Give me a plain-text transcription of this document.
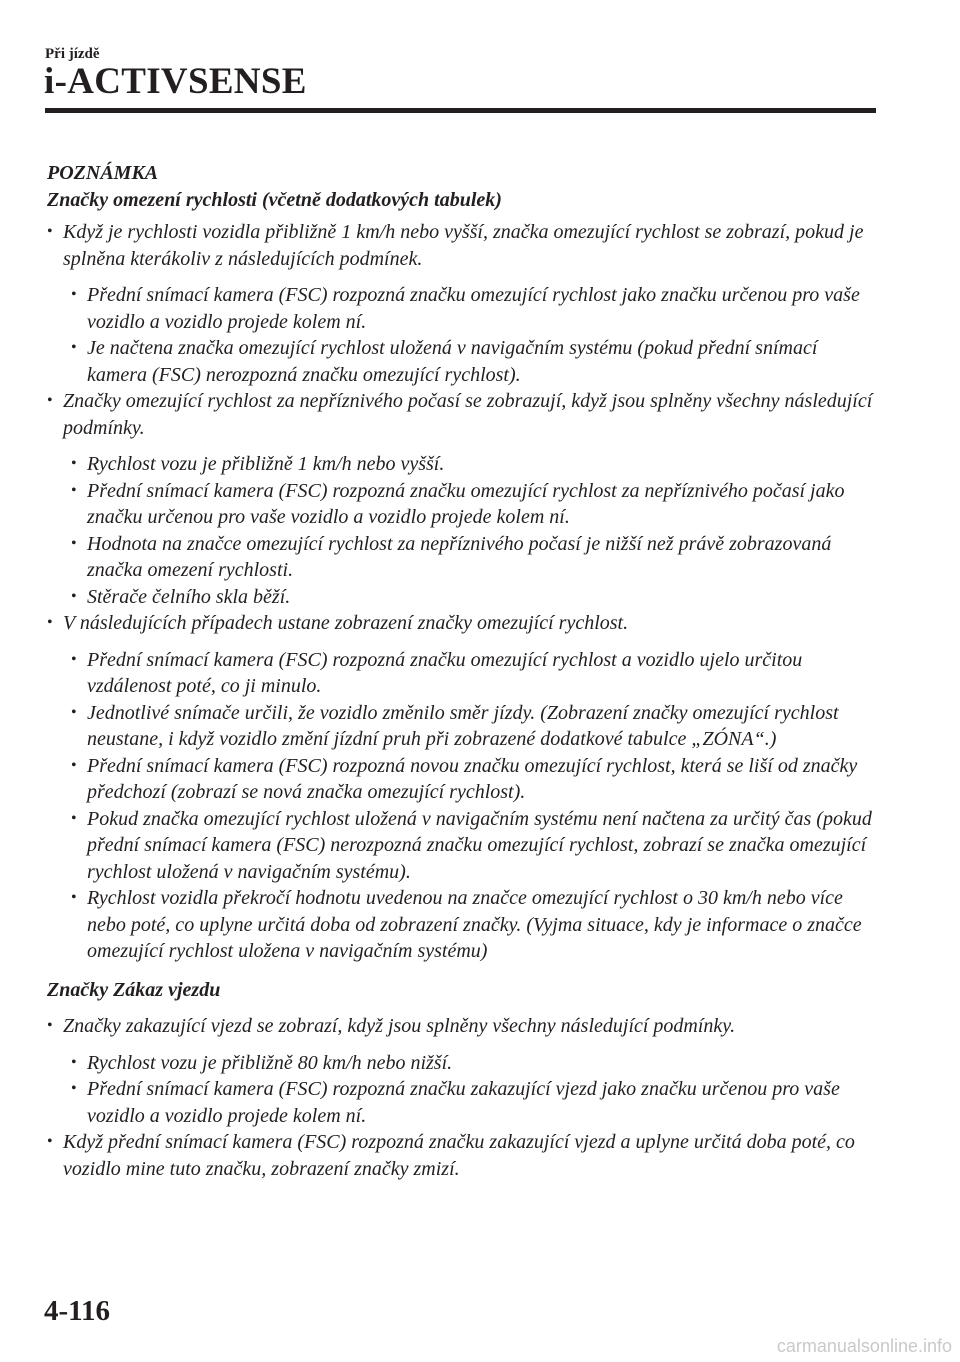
Při jízdě
i-ACTIVSENSE
POZNÁMKA
Značky omezení rychlosti (včetně dodatkových tabulek)
• Když je rychlosti vozidla přibližně 1 km/h nebo vyšší, značka omezující rychlost se zobrazí, pokud je splněna kterákoliv z následujících podmínek.
• Přední snímací kamera (FSC) rozpozná značku omezující rychlost jako značku určenou pro vaše vozidlo a vozidlo projede kolem ní.
• Je načtena značka omezující rychlost uložená v navigačním systému (pokud přední snímací kamera (FSC) nerozpozná značku omezující rychlost).
• Značky omezující rychlost za nepříznivého počasí se zobrazují, když jsou splněny všechny následující podmínky.
• Rychlost vozu je přibližně 1 km/h nebo vyšší.
• Přední snímací kamera (FSC) rozpozná značku omezující rychlost za nepříznivého počasí jako značku určenou pro vaše vozidlo a vozidlo projede kolem ní.
• Hodnota na značce omezující rychlost za nepříznivého počasí je nižší než právě zobrazovaná značka omezení rychlosti.
• Stěrače čelního skla běží.
• V následujících případech ustane zobrazení značky omezující rychlost.
• Přední snímací kamera (FSC) rozpozná značku omezující rychlost a vozidlo ujelo určitou vzdálenost poté, co ji minulo.
• Jednotlivé snímače určili, že vozidlo změnilo směr jízdy. (Zobrazení značky omezující rychlost neustane, i když vozidlo změní jízdní pruh při zobrazené dodatkové tabulce „ZÓNA“.)
• Přední snímací kamera (FSC) rozpozná novou značku omezující rychlost, která se liší od značky předchozí (zobrazí se nová značka omezující rychlost).
• Pokud značka omezující rychlost uložená v navigačním systému není načtena za určitý čas (pokud přední snímací kamera (FSC) nerozpozná značku omezující rychlost, zobrazí se značka omezující rychlost uložená v navigačním systému).
• Rychlost vozidla překročí hodnotu uvedenou na značce omezující rychlost o 30 km/h nebo více nebo poté, co uplyne určitá doba od zobrazení značky. (Vyjma situace, kdy je informace o značce omezující rychlost uložena v navigačním systému)
Značky Zákaz vjezdu
• Značky zakazující vjezd se zobrazí, když jsou splněny všechny následující podmínky.
• Rychlost vozu je přibližně 80 km/h nebo nižší.
• Přední snímací kamera (FSC) rozpozná značku zakazující vjezd jako značku určenou pro vaše vozidlo a vozidlo projede kolem ní.
• Když přední snímací kamera (FSC) rozpozná značku zakazující vjezd a uplyne určitá doba poté, co vozidlo mine tuto značku, zobrazení značky zmizí.
4-116
carmanualsonline.info
